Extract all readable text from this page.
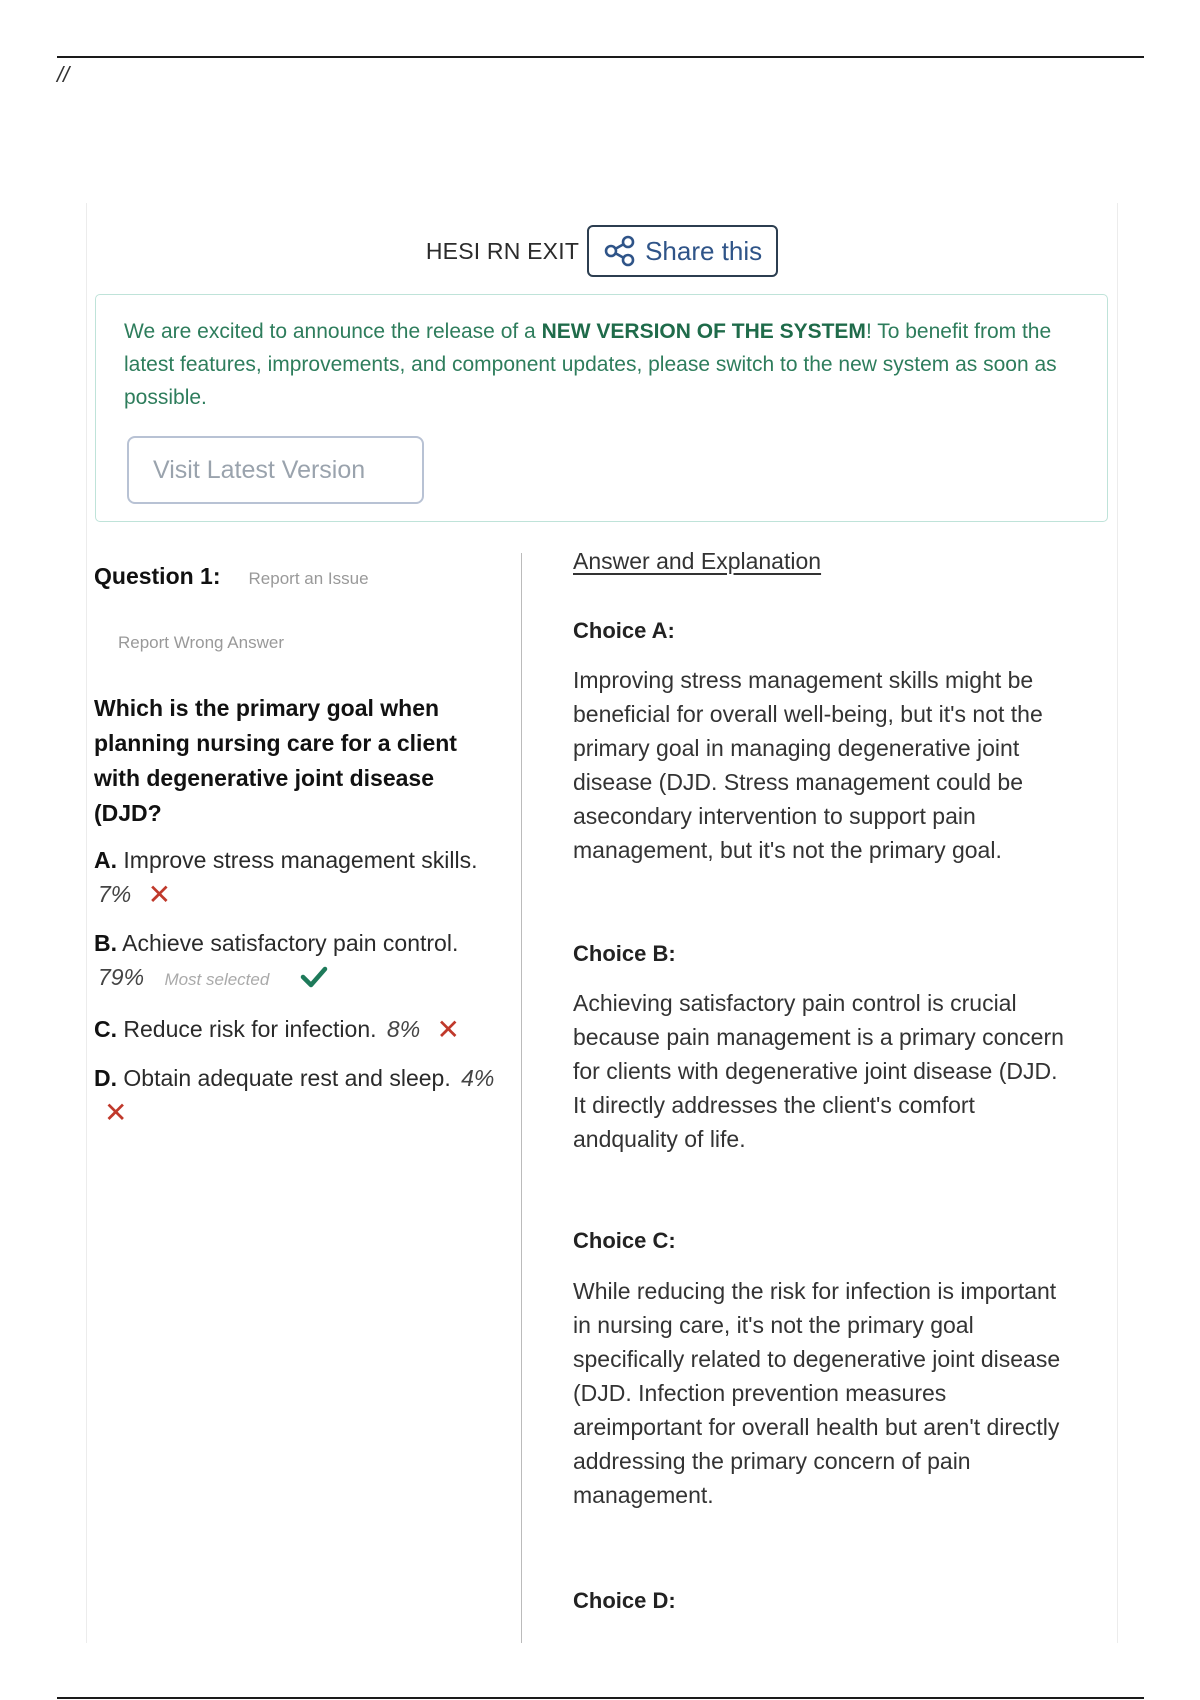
//
HESI RN EXIT	Share this

We are excited to announce the release of a NEW VERSION OF THE SYSTEM! To benefit from the latest features, improvements, and component updates, please switch to the new system as soon as possible.

Visit Latest Version
Question 1: Report an Issue
Report Wrong Answer
Which is the primary goal when planning nursing care for a client with degenerative joint disease (DJD?
A. Improve stress management skills. 7% ✕
B. Achieve satisfactory pain control. 79% Most selected
C. Reduce risk for infection. 8% ✕
D. Obtain adequate rest and sleep. 4% ✕
Answer and Explanation
Choice A:
Improving stress management skills might be beneficial for overall well-being, but it's not the primary goal in managing degenerative joint disease (DJD. Stress management could be asecondary intervention to support pain management, but it's not the primary goal.
Choice B:
Achieving satisfactory pain control is crucial because pain management is a primary concern for clients with degenerative joint disease (DJD. It directly addresses the client's comfort andquality of life.
Choice C:
While reducing the risk for infection is important in nursing care, it's not the primary goal specifically related to degenerative joint disease (DJD. Infection prevention measures areimportant for overall health but aren't directly addressing the primary concern of pain management.
Choice D:
